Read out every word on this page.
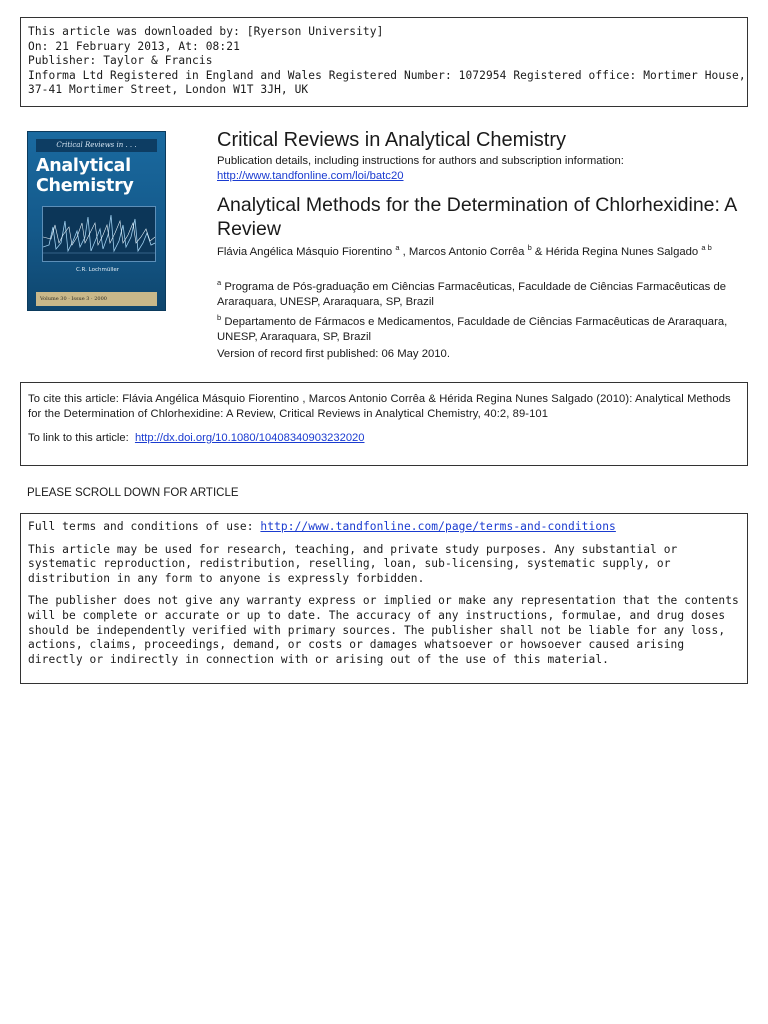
This article was downloaded by: [Ryerson University]
On: 21 February 2013, At: 08:21
Publisher: Taylor & Francis
Informa Ltd Registered in England and Wales Registered Number: 1072954 Registered office: Mortimer House,
37-41 Mortimer Street, London W1T 3JH, UK
Critical Reviews in . . .
Analytical
Chemistry
C.R. Lochmüller
Volume 30 · Issue 3 · 2000
Critical Reviews in Analytical Chemistry
Publication details, including instructions for authors and subscription information:
http://www.tandfonline.com/loi/batc20
Analytical Methods for the Determination of Chlorhexidine: A Review
Flávia Angélica Másquio Fiorentino $^a$ , Marcos Antonio Corrêa $^b$ & Hérida Regina Nunes Salgado $^{a b}$
$^a$ Programa de Pós-graduação em Ciências Farmacêuticas, Faculdade de Ciências Farmacêuticas de Araraquara, UNESP, Araraquara, SP, Brazil
$^b$ Departamento de Fármacos e Medicamentos, Faculdade de Ciências Farmacêuticas de Araraquara, UNESP, Araraquara, SP, Brazil
Version of record first published: 06 May 2010.
To cite this article: Flávia Angélica Másquio Fiorentino , Marcos Antonio Corrêa & Hérida Regina Nunes Salgado (2010): Analytical Methods for the Determination of Chlorhexidine: A Review, Critical Reviews in Analytical Chemistry, 40:2, 89-101
To link to this article: http://dx.doi.org/10.1080/10408340903232020
PLEASE SCROLL DOWN FOR ARTICLE

Full terms and conditions of use: http://www.tandfonline.com/page/terms-and-conditions

This article may be used for research, teaching, and private study purposes. Any substantial or systematic reproduction, redistribution, reselling, loan, sub-licensing, systematic supply, or distribution in any form to anyone is expressly forbidden.

The publisher does not give any warranty express or implied or make any representation that the contents will be complete or accurate or up to date. The accuracy of any instructions, formulae, and drug doses should be independently verified with primary sources. The publisher shall not be liable for any loss, actions, claims, proceedings, demand, or costs or damages whatsoever or howsoever caused arising directly or indirectly in connection with or arising out of the use of this material.
